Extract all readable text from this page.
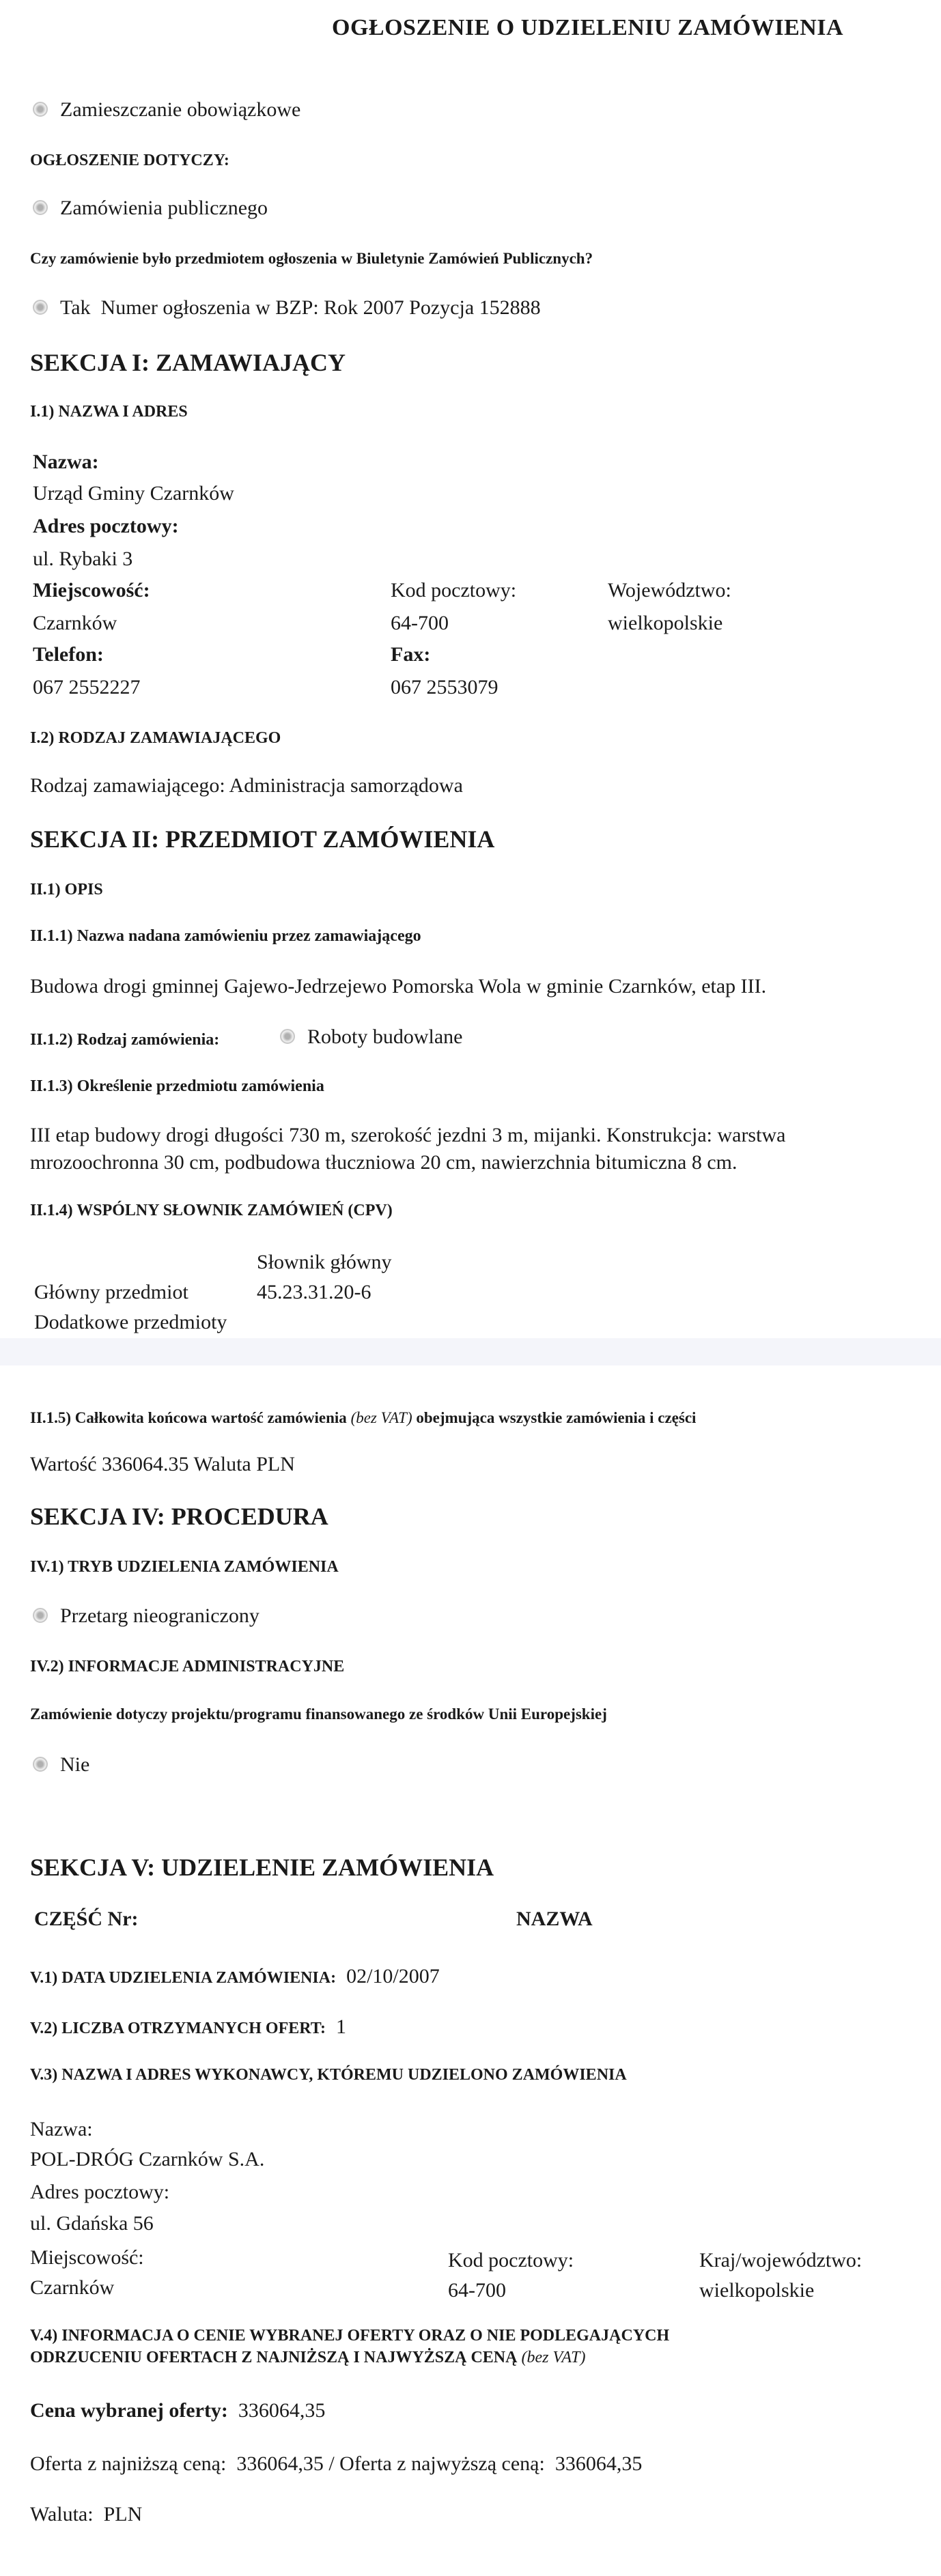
OGŁOSZENIE O UDZIELENIU ZAMÓWIENIA
Zamieszczanie obowiązkowe
OGŁOSZENIE DOTYCZY:
Zamówienia publicznego
Czy zamówienie było przedmiotem ogłoszenia w Biuletynie Zamówień Publicznych?
Tak Numer ogłoszenia w BZP: Rok 2007 Pozycja 152888
SEKCJA I: ZAMAWIAJĄCY
I.1) NAZWA I ADRES
Nazwa:
Urząd Gminy Czarnków
Adres pocztowy:
ul. Rybaki 3
Miejscowość:	Kod pocztowy:	Województwo:
Czarnków	64-700	wielkopolskie
Telefon:	Fax:
067 2552227	067 2553079
I.2) RODZAJ ZAMAWIAJĄCEGO
Rodzaj zamawiającego: Administracja samorządowa
SEKCJA II: PRZEDMIOT ZAMÓWIENIA
II.1) OPIS
II.1.1) Nazwa nadana zamówieniu przez zamawiającego
Budowa drogi gminnej Gajewo-Jedrzejewo Pomorska Wola w gminie Czarnków, etap III.
II.1.2) Rodzaj zamówienia:	Roboty budowlane
II.1.3) Określenie przedmiotu zamówienia
III etap budowy drogi długości 730 m, szerokość jezdni 3 m, mijanki. Konstrukcja: warstwa
mrozoochronna 30 cm, podbudowa tłuczniowa 20 cm, nawierzchnia bitumiczna 8 cm.
II.1.4) WSPÓLNY SŁOWNIK ZAMÓWIEŃ (CPV)
Słownik główny
Główny przedmiot	45.23.31.20-6
Dodatkowe przedmioty
II.1.5) Całkowita końcowa wartość zamówienia (bez VAT) obejmująca wszystkie zamówienia i części
Wartość 336064.35 Waluta PLN
SEKCJA IV: PROCEDURA
IV.1) TRYB UDZIELENIA ZAMÓWIENIA
Przetarg nieograniczony
IV.2) INFORMACJE ADMINISTRACYJNE
Zamówienie dotyczy projektu/programu finansowanego ze środków Unii Europejskiej
Nie
SEKCJA V: UDZIELENIE ZAMÓWIENIA
CZĘŚĆ Nr:	NAZWA
V.1) DATA UDZIELENIA ZAMÓWIENIA: 02/10/2007
V.2) LICZBA OTRZYMANYCH OFERT: 1
V.3) NAZWA I ADRES WYKONAWCY, KTÓREMU UDZIELONO ZAMÓWIENIA
Nazwa:
POL-DRÓG Czarnków S.A.
Adres pocztowy:
ul. Gdańska 56
Miejscowość:	Kod pocztowy:	Kraj/województwo:
Czarnków	64-700	wielkopolskie
V.4) INFORMACJA O CENIE WYBRANEJ OFERTY ORAZ O NIE PODLEGAJĄCYCH
ODRZUCENIU OFERTACH Z NAJNIŻSZĄ I NAJWYŻSZĄ CENĄ (bez VAT)
Cena wybranej oferty: 336064,35
Oferta z najniższą ceną: 336064,35 / Oferta z najwyższą ceną: 336064,35
Waluta: PLN
